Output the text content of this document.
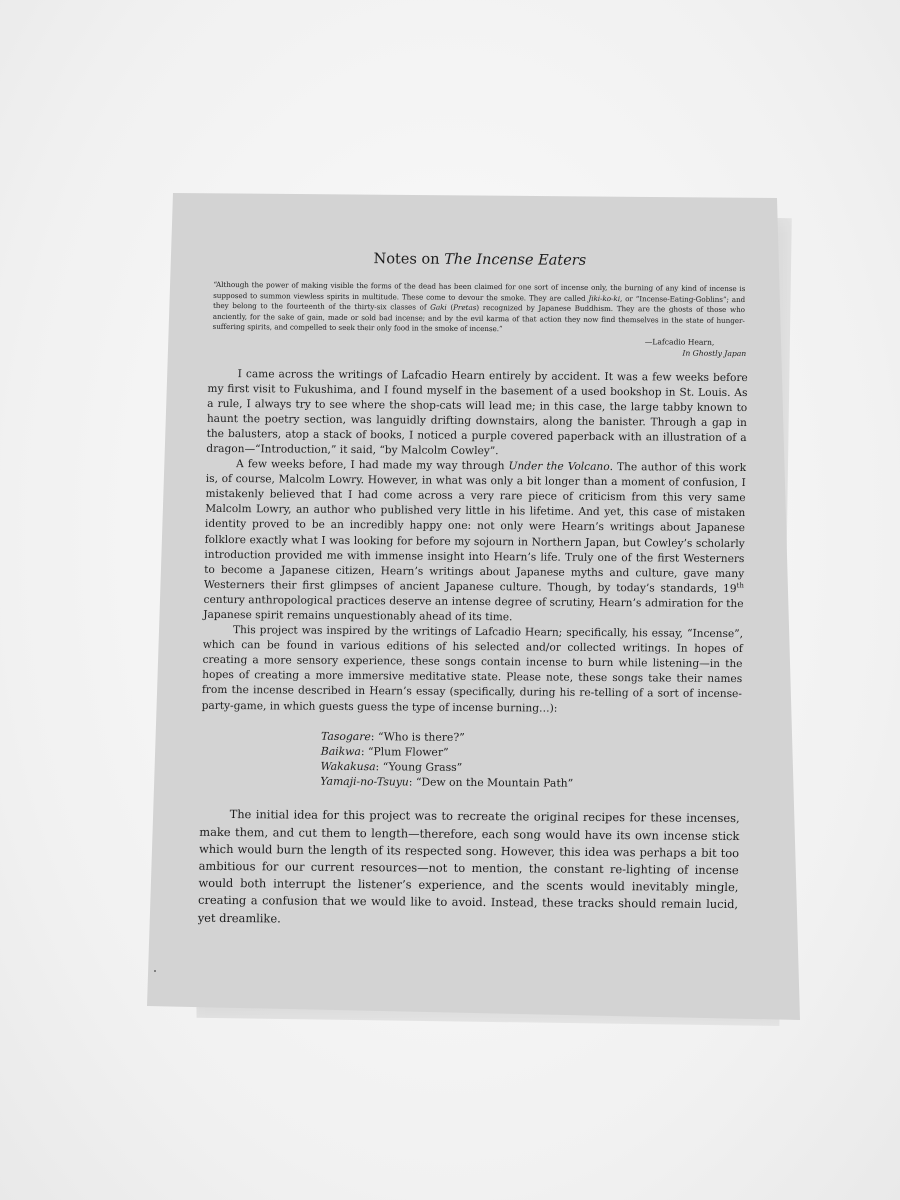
Notes on The Incense Eaters
“Although the power of making visible the forms of the dead has been claimed for one sort of incense only, the burning of any kind of incense is supposed to summon viewless spirits in multitude. These come to devour the smoke. They are called Jiki-ko-ki, or “Incense-Eating-Goblins”; and they belong to the fourteenth of the thirty-six classes of Gaki (Pretas) recognized by Japanese Buddhism. They are the ghosts of those who anciently, for the sake of gain, made or sold bad incense; and by the evil karma of that action they now find themselves in the state of hunger-suffering spirits, and compelled to seek their only food in the smoke of incense.”
—Lafcadio Hearn,
In Ghostly Japan

I came across the writings of Lafcadio Hearn entirely by accident. It was a few weeks before my first visit to Fukushima, and I found myself in the basement of a used bookshop in St. Louis. As a rule, I always try to see where the shop-cats will lead me; in this case, the large tabby known to haunt the poetry section, was languidly drifting downstairs, along the banister. Through a gap in the balusters, atop a stack of books, I noticed a purple covered paperback with an illustration of a dragon—“Introduction,” it said, “by Malcolm Cowley”.

A few weeks before, I had made my way through Under the Volcano. The author of this work is, of course, Malcolm Lowry. However, in what was only a bit longer than a moment of confusion, I mistakenly believed that I had come across a very rare piece of criticism from this very same Malcolm Lowry, an author who published very little in his lifetime. And yet, this case of mistaken identity proved to be an incredibly happy one: not only were Hearn’s writings about Japanese folklore exactly what I was looking for before my sojourn in Northern Japan, but Cowley’s scholarly introduction provided me with immense insight into Hearn’s life. Truly one of the first Westerners to become a Japanese citizen, Hearn’s writings about Japanese myths and culture, gave many Westerners their first glimpses of ancient Japanese culture. Though, by today’s standards, 19th century anthropological practices deserve an intense degree of scrutiny, Hearn’s admiration for the Japanese spirit remains unquestionably ahead of its time.

This project was inspired by the writings of Lafcadio Hearn; specifically, his essay, “Incense”, which can be found in various editions of his selected and/or collected writings. In hopes of creating a more sensory experience, these songs contain incense to burn while listening—in the hopes of creating a more immersive meditative state. Please note, these songs take their names from the incense described in Hearn’s essay (specifically, during his re-telling of a sort of incense-party-game, in which guests guess the type of incense burning…):

Tasogare: “Who is there?”
Baikwa: “Plum Flower”
Wakakusa: “Young Grass”
Yamaji-no-Tsuyu: “Dew on the Mountain Path”

The initial idea for this project was to recreate the original recipes for these incenses, make them, and cut them to length—therefore, each song would have its own incense stick which would burn the length of its respected song. However, this idea was perhaps a bit too ambitious for our current resources—not to mention, the constant re-lighting of incense would both interrupt the listener’s experience, and the scents would inevitably mingle, creating a confusion that we would like to avoid. Instead, these tracks should remain lucid, yet dreamlike.
